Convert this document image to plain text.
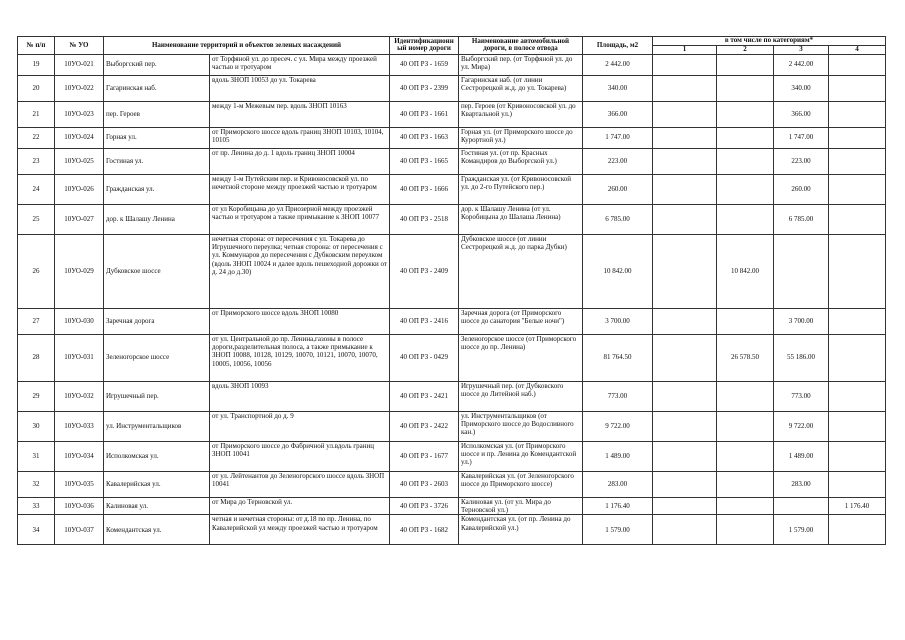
№ п/п	№ УО	Наименование территорий и объектов зеленых насаждений		Идентификационный номер дороги	Наименование автомобильной дороги, в полосе отвода	Площадь, м2	в том числе по категориям*			
							1	2	3	4
19	10УО-021	Выборгский пер.	от Торфяной ул. до пресеч. с ул. Мира между проезжей частью и тротуаром	40 ОП РЗ - 1659	Выборгский пер. (от Торфяной ул. до ул. Мира)	2 442.00			2 442.00	
20	10УО-022	Гагаринская наб.	вдоль ЗНОП 10053 до ул. Токарева	40 ОП РЗ - 2399	Гагаринская наб. (от линии Сестрорецкой ж.д. до ул. Токарева)	340.00			340.00	
21	10УО-023	пер. Героев	между 1-м Межевым пер. вдоль ЗНОП 10163	40 ОП РЗ - 1661	пер. Героев (от Кривоносовской ул. до Квартальной ул.)	366.00			366.00	
22	10УО-024	Горная ул.	от Приморского шоссе вдоль границ ЗНОП 10103, 10104, 10105	40 ОП РЗ - 1663	Горная ул. (от Приморского шоссе до Курортной ул.)	1 747.00			1 747.00	
23	10УО-025	Гостиная ул.	от пр. Ленина до д. 1 вдоль границ ЗНОП 10004	40 ОП РЗ - 1665	Гостиная ул. (от пр. Красных Командиров до Выборгской ул.)	223.00			223.00	
24	10УО-026	Гражданская ул.	между 1-м Путейским пер. и Кривоносовской ул. по нечетной стороне между проезжей частью и тротуаром	40 ОП РЗ - 1666	Гражданская ул. (от Кривоносовской ул. до 2-го Путейского пер.)	260.00			260.00	
25	10УО-027	дор. к Шалашу Ленина	от ул Коробицына до ул Приозерной между проезжей частью и тротуаром а также примыкание к ЗНОП 10077	40 ОП РЗ - 2518	дор. к Шалашу Ленина (от ул. Коробицына до Шалаша Ленина)	6 785.00			6 785.00	
26	10УО-029	Дубковское шоссе	нечетная сторона: от пересечения с ул. Токарева до Игрушечного переулка; четная сторона: от пересечения с ул. Коммунаров до пересечения с Дубковским переулком (вдоль ЗНОП 10024 и далее вдоль пешеходной дорожки от д. 24 до д.30)	40 ОП РЗ - 2409	Дубковское шоссе (от линии Сестрорецкой ж.д. до парка Дубки)	10 842.00		10 842.00		
27	10УО-030	Заречная дорога	от Приморского шоссе вдоль ЗНОП 10080	40 ОП РЗ - 2416	Заречная дорога (от Приморского шоссе до санатория "Белые ночи")	3 700.00			3 700.00	
28	10УО-031	Зеленогорское шоссе	от ул. Центральной до пр. Ленина,газоны в полосе дороги,разделительная полоса, а также примыкание к ЗНОП 10088, 10128, 10129, 10070, 10121, 10070, 10070, 10005, 10056, 10056	40 ОП РЗ - 0429	Зеленогорское шоссе (от Приморского шоссе до пр. Ленина)	81 764.50		26 578.50	55 186.00	
29	10УО-032	Игрушечный пер.	вдоль ЗНОП 10093	40 ОП РЗ - 2421	Игрушечный пер. (от Дубковского шоссе до Литейной наб.)	773.00			773.00	
30	10УО-033	ул. Инструментальщиков	от ул. Транспортной до д. 9	40 ОП РЗ - 2422	ул. Инструментальщиков (от Приморского шоссе до Водосливного кан.)	9 722.00			9 722.00	
31	10УО-034	Исполкомская ул.	от Приморского шоссе до Фабричной ул.вдоль границ ЗНОП 10041	40 ОП РЗ - 1677	Исполкомская ул. (от Приморского шоссе и пр. Ленина до Комендантской ул.)	1 489.00			1 489.00	
32	10УО-035	Кавалерийская ул.	от ул. Лейтенантов до Зеленогорского шоссе вдоль ЗНОП 10041	40 ОП РЗ - 2603	Кавалерийская ул. (от Зеленогорского шоссе до Приморского шоссе)	283.00			283.00	
33	10УО-036	Калиновая ул.	от Мира до Терновской ул.	40 ОП РЗ - 3726	Калиновая ул. (от ул. Мира до Терновской ул.)	1 176.40				1 176.40
34	10УО-037	Комендантская ул.	четная и нечетная стороны: от д.18 по пр. Ленина, по Кавалерийской ул между проезжей частью и тротуаром	40 ОП РЗ - 1682	Комендантская ул. (от пр. Ленина до Кавалерийской ул.)	1 579.00			1 579.00	
